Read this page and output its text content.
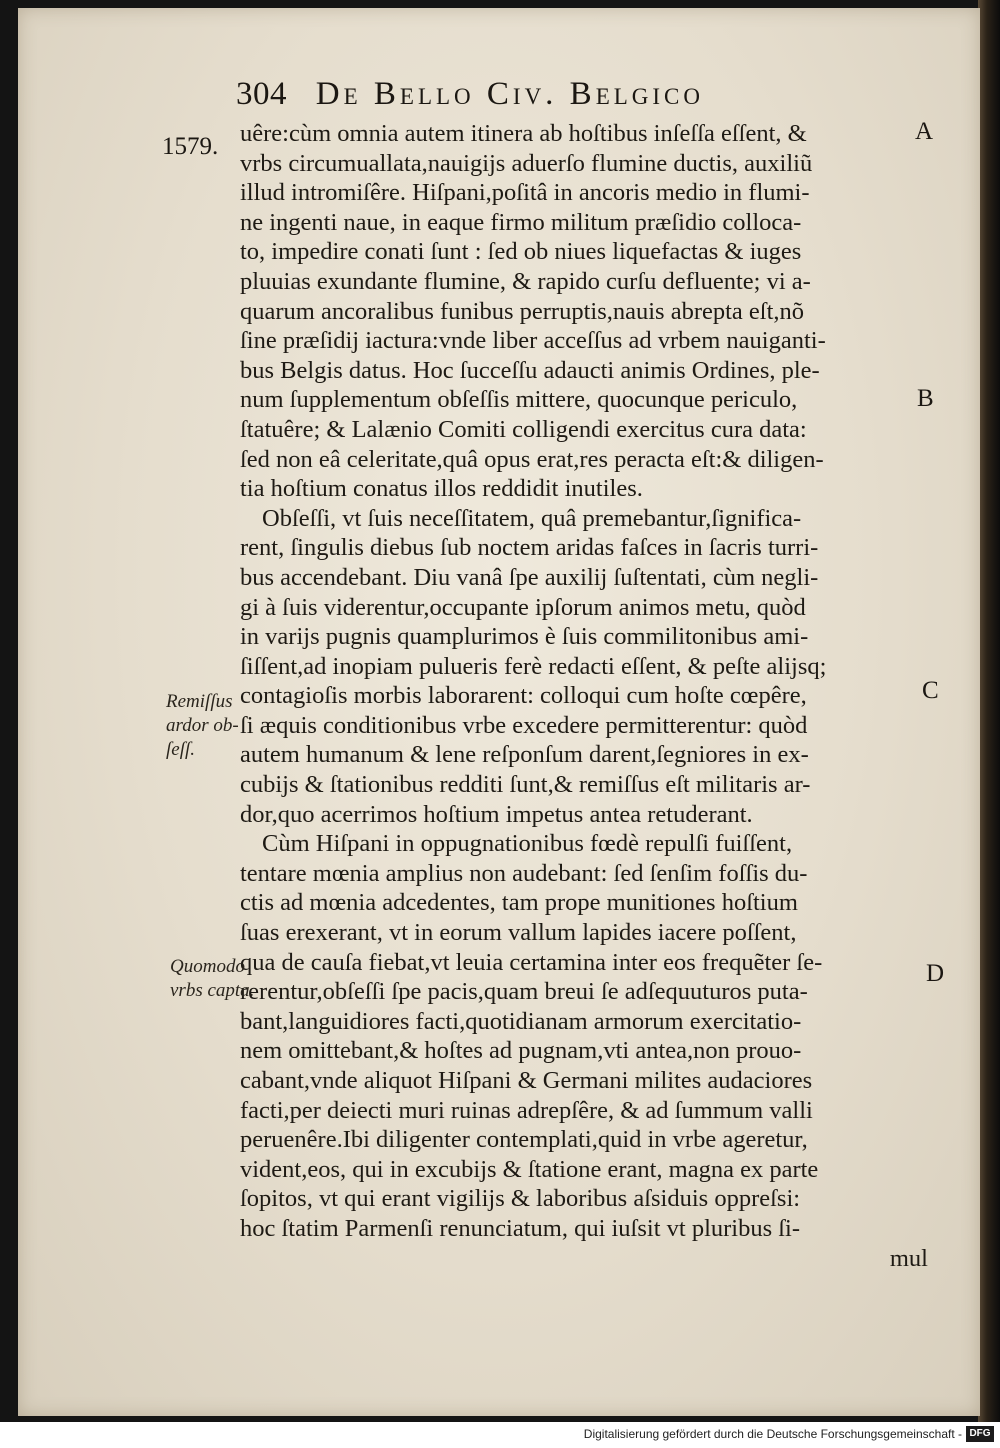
304 De Bello Civ. Belgico
1579. uêre:cùm omnia autem itinera ab hoſtibus inſeſſa eſſent, &
vrbs circumuallata,nauigijs aduerſo flumine ductis, auxiliũ
illud intromiſêre. Hiſpani,poſitâ in ancoris medio in flumi-
ne ingenti naue, in eaque firmo militum præſidio colloca-
to, impedire conati ſunt : ſed ob niues liquefactas & iuges
pluuias exundante flumine, & rapido curſu defluente; vi a-
quarum ancoralibus funibus perruptis,nauis abrepta eſt,nõ
ſine præſidij iactura:vnde liber acceſſus ad vrbem nauiganti-
bus Belgis datus. Hoc ſucceſſu adaucti animis Ordines, ple-
num ſupplementum obſeſſis mittere, quocunque periculo,
ſtatuêre; & Lalænio Comiti colligendi exercitus cura data:
ſed non eâ celeritate,quâ opus erat,res peracta eſt:& diligen-
tia hoſtium conatus illos reddidit inutiles.
Obſeſſi, vt ſuis neceſſitatem, quâ premebantur,ſignifica-
rent, ſingulis diebus ſub noctem aridas faſces in ſacris turri-
bus accendebant. Diu vanâ ſpe auxilij ſuſtentati, cùm negli-
gi à ſuis viderentur,occupante ipſorum animos metu, quòd
in varijs pugnis quamplurimos è ſuis commilitonibus ami-
ſiſſent,ad inopiam pulueris ferè redacti eſſent, & peſte alijsq;
contagioſis morbis laborarent: colloqui cum hoſte cœpêre,
ſi æquis conditionibus vrbe excedere permitterentur: quòd
autem humanum & lene reſponſum darent,ſegniores in ex-
cubijs & ſtationibus redditi ſunt,& remiſſus eſt militaris ar-
dor,quo acerrimos hoſtium impetus antea retuderant.
Cùm Hiſpani in oppugnationibus fœdè repulſi fuiſſent,
tentare mœnia amplius non audebant: ſed ſenſim foſſis du-
ctis ad mœnia adcedentes, tam prope munitiones hoſtium
ſuas erexerant, vt in eorum vallum lapides iacere poſſent,
qua de cauſa fiebat,vt leuia certamina inter eos frequẽter ſe-
rerentur,obſeſſi ſpe pacis,quam breui ſe adſequuturos puta-
bant,languidiores facti,quotidianam armorum exercitatio-
nem omittebant,& hoſtes ad pugnam,vti antea,non prouo-
cabant,vnde aliquot Hiſpani & Germani milites audaciores
facti,per deiecti muri ruinas adrepſêre, & ad ſummum valli
peruenêre.Ibi diligenter contemplati,quid in vrbe ageretur,
vident,eos, qui in excubijs & ſtatione erant, magna ex parte
ſopitos, vt qui erant vigilijs & laboribus aſsiduis oppreſsi:
hoc ſtatim Parmenſi renunciatum, qui iuſsit vt pluribus ſi-
mul
A
B
C
D
Remiſſus
ardor ob-
ſeſſ.
Quomodo
vrbs capta.
Digitalisierung gefördert durch die Deutsche Forschungsgemeinschaft - DFG
